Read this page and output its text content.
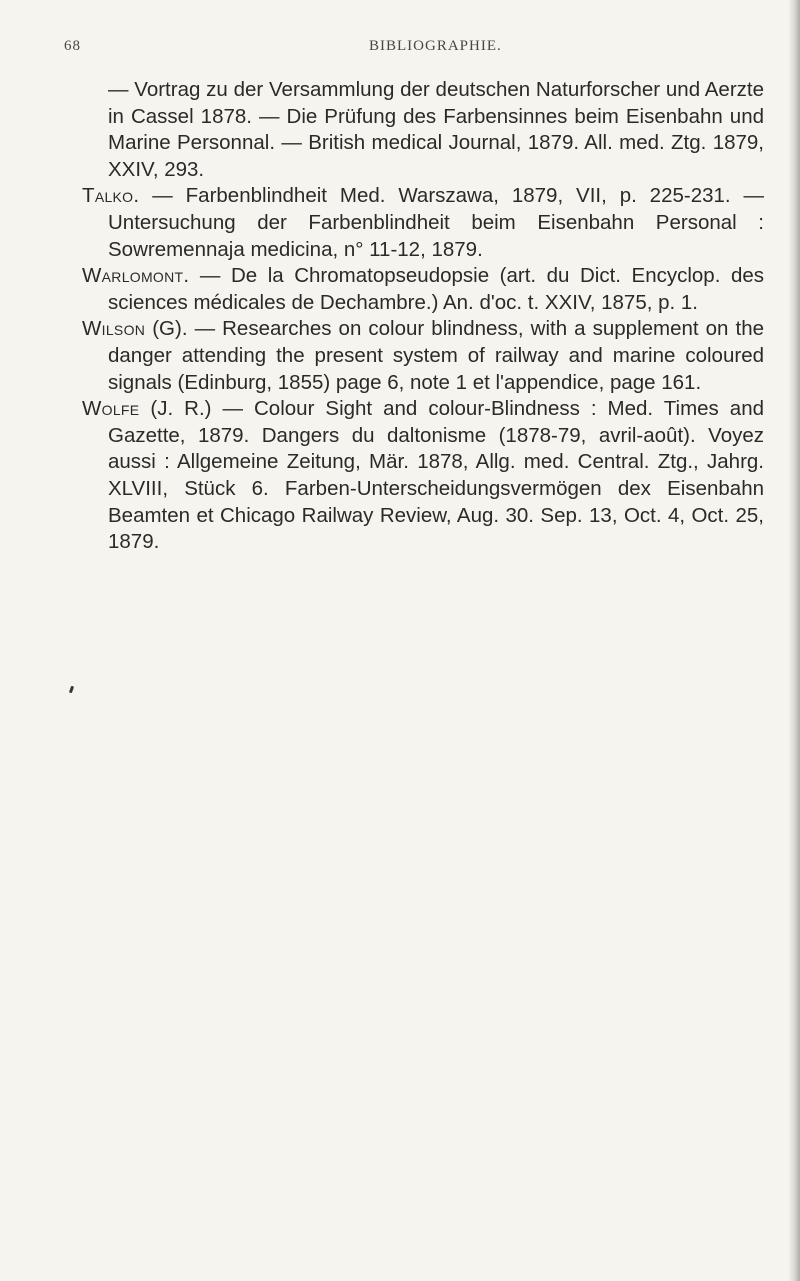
68	BIBLIOGRAPHIE.

— Vortrag zu der Versammlung der deutschen Naturforscher und Aerzte in Cassel 1878. — Die Prüfung des Farbensinnes beim Eisenbahn und Marine Personnal. — British medical Journal, 1879. All. med. Ztg. 1879, XXIV, 293.

Talko. — Farbenblindheit Med. Warszawa, 1879, VII, p. 225-231. — Untersuchung der Farbenblindheit beim Eisenbahn Personal : Sowremennaja medicina, n° 11-12, 1879.

Warlomont. — De la Chromatopseudopsie (art. du Dict. Encyclop. des sciences médicales de Dechambre.) An. d'oc. t. XXIV, 1875, p. 1.

Wilson (G). — Researches on colour blindness, with a supplement on the danger attending the present system of railway and marine coloured signals (Edinburg, 1855) page 6, note 1 et l'appendice, page 161.

Wolfe (J. R.) — Colour Sight and colour-Blindness : Med. Times and Gazette, 1879. Dangers du daltonisme (1878-79, avril-août). Voyez aussi : Allgemeine Zeitung, Mär. 1878, Allg. med. Central. Ztg., Jahrg. XLVIII, Stück 6. Farben-Unterscheidungsvermögen dex Eisenbahn Beamten et Chicago Railway Review, Aug. 30. Sep. 13, Oct. 4, Oct. 25, 1879.
